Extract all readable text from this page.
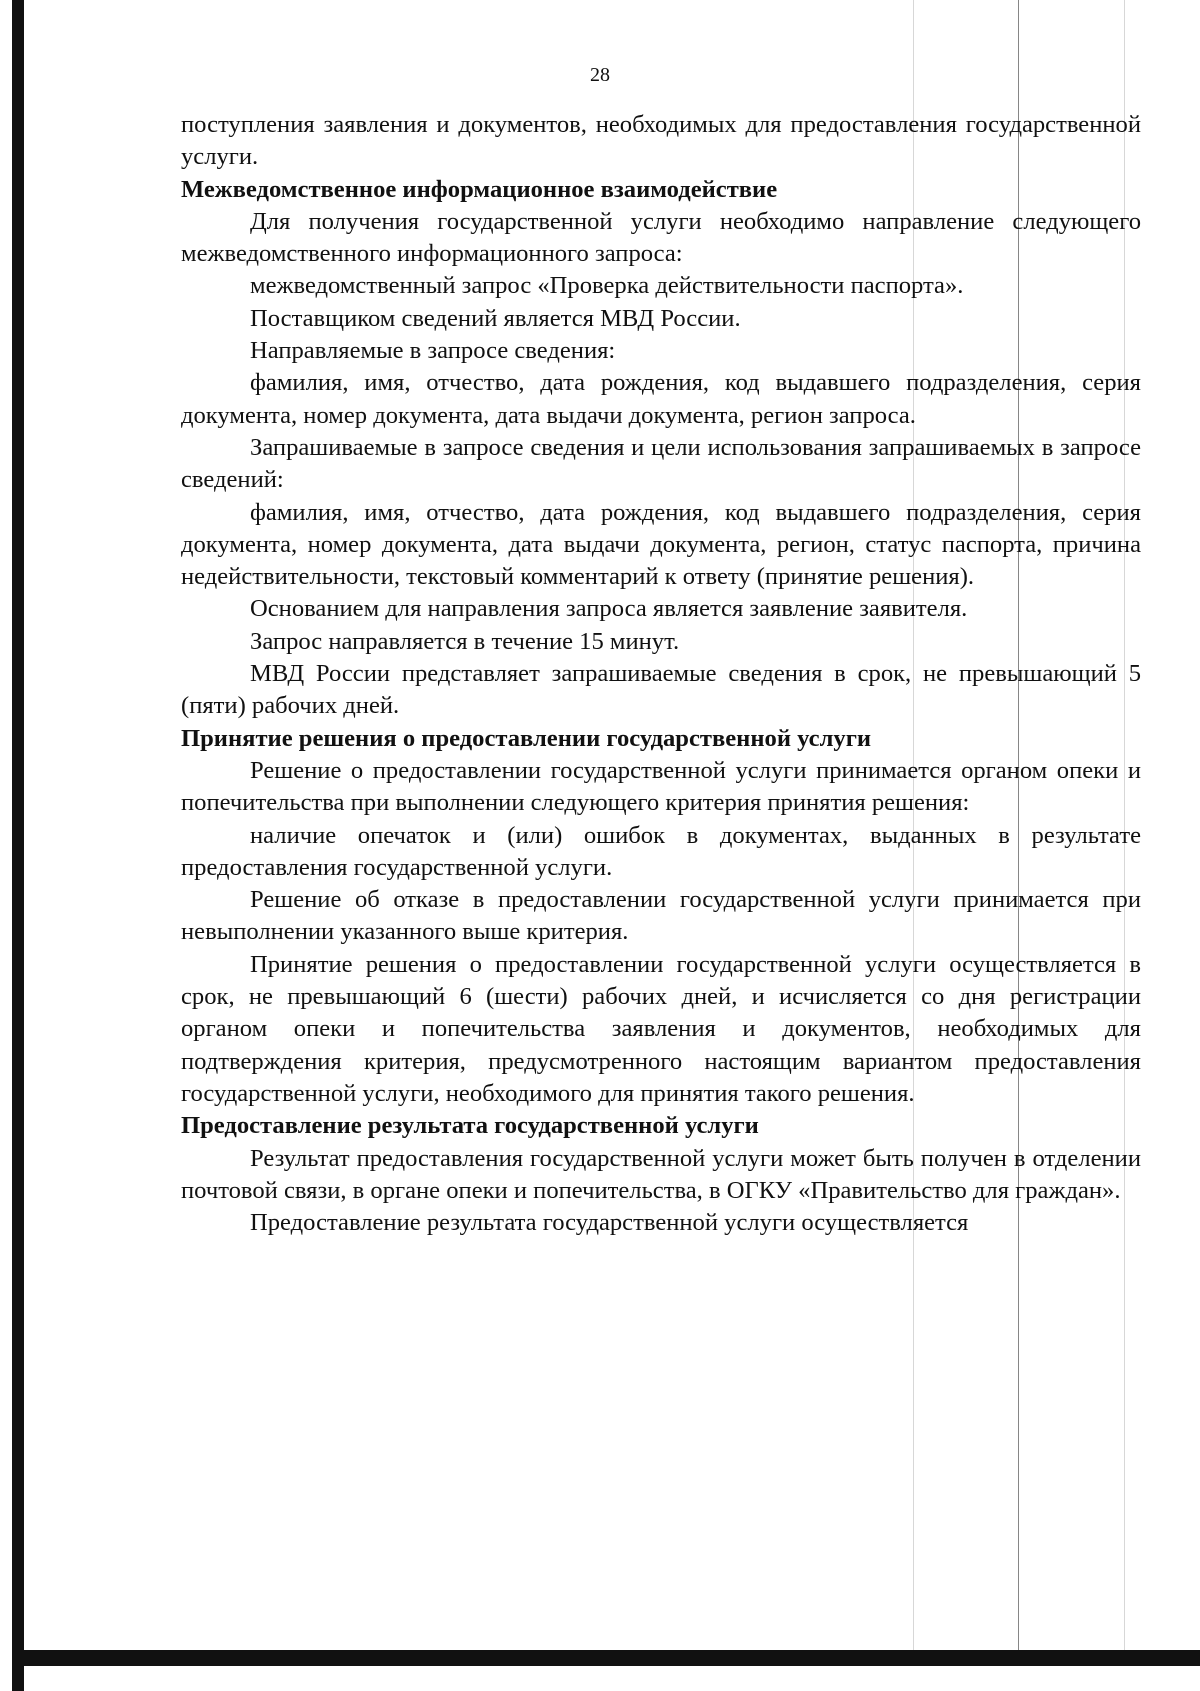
28

поступления заявления и документов, необходимых для предоставления государственной услуги.

Межведомственное информационное взаимодействие

Для получения государственной услуги необходимо направление следующего межведомственного информационного запроса:

межведомственный запрос «Проверка действительности паспорта».

Поставщиком сведений является МВД России.

Направляемые в запросе сведения:

фамилия, имя, отчество, дата рождения, код выдавшего подразделения, серия документа, номер документа, дата выдачи документа, регион запроса.

Запрашиваемые в запросе сведения и цели использования запрашиваемых в запросе сведений:

фамилия, имя, отчество, дата рождения, код выдавшего подразделения, серия документа, номер документа, дата выдачи документа, регион, статус паспорта, причина недействительности, текстовый комментарий к ответу (принятие решения).

Основанием для направления запроса является заявление заявителя.

Запрос направляется в течение 15 минут.

МВД России представляет запрашиваемые сведения в срок, не превышающий 5 (пяти) рабочих дней.

Принятие решения о предоставлении государственной услуги

Решение о предоставлении государственной услуги принимается органом опеки и попечительства при выполнении следующего критерия принятия решения:

наличие опечаток и (или) ошибок в документах, выданных в результате предоставления государственной услуги.

Решение об отказе в предоставлении государственной услуги принимается при невыполнении указанного выше критерия.

Принятие решения о предоставлении государственной услуги осуществляется в срок, не превышающий 6 (шести) рабочих дней, и исчисляется со дня регистрации органом опеки и попечительства заявления и документов, необходимых для подтверждения критерия, предусмотренного настоящим вариантом предоставления государственной услуги, необходимого для принятия такого решения.

Предоставление результата государственной услуги

Результат предоставления государственной услуги может быть получен в отделении почтовой связи, в органе опеки и попечительства, в ОГКУ «Правительство для граждан».

Предоставление результата государственной услуги осуществляется
